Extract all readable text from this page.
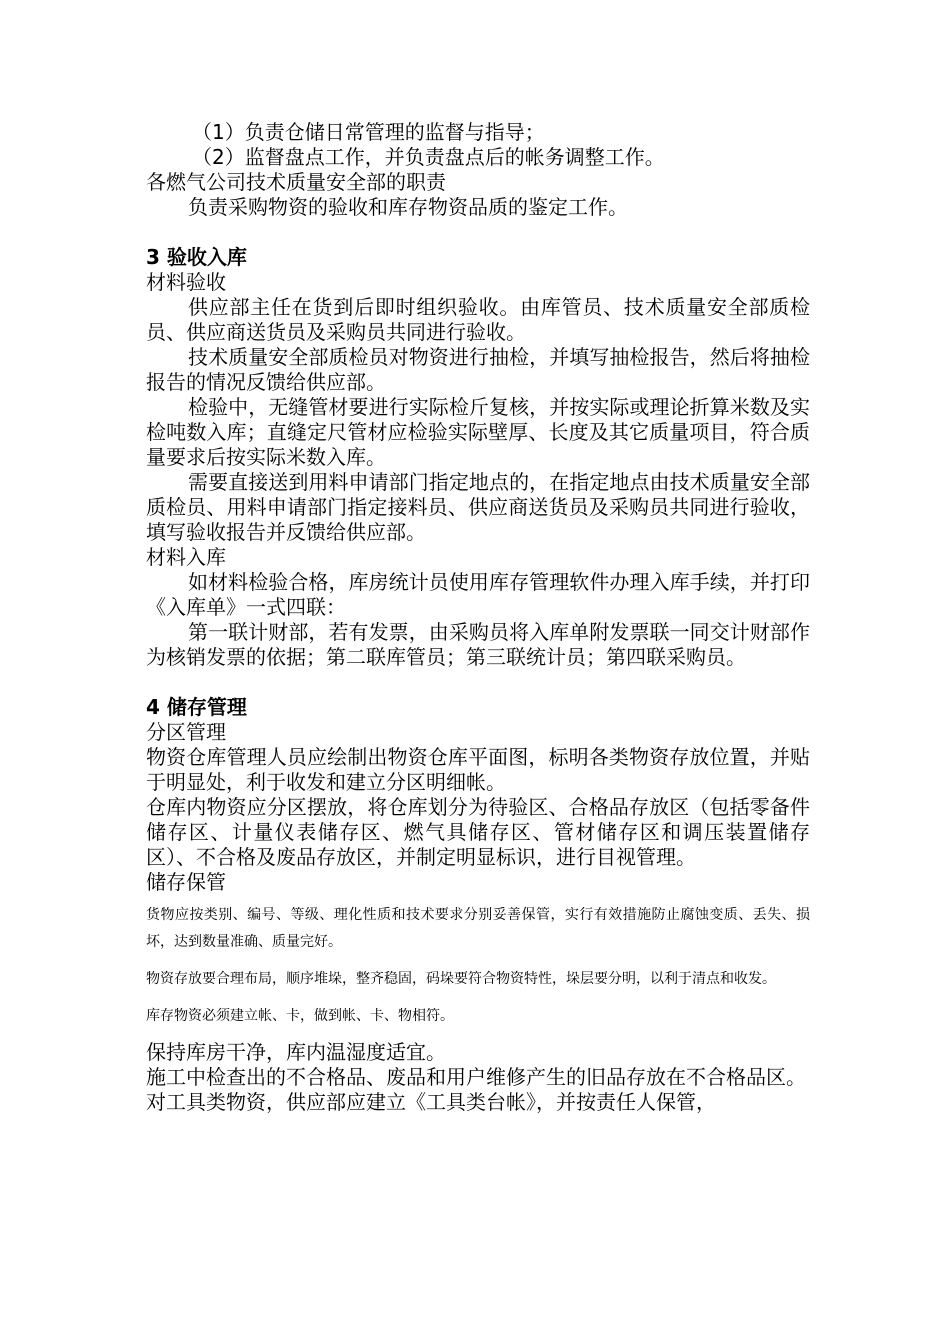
（1）负责仓储日常管理的监督与指导；

（2）监督盘点工作，并负责盘点后的帐务调整工作。

各燃气公司技术质量安全部的职责

负责采购物资的验收和库存物资品质的鉴定工作。

3 验收入库

材料验收

供应部主任在货到后即时组织验收。由库管员、技术质量安全部质检员、供应商送货员及采购员共同进行验收。

技术质量安全部质检员对物资进行抽检，并填写抽检报告，然后将抽检报告的情况反馈给供应部。

检验中，无缝管材要进行实际检斤复核，并按实际或理论折算米数及实检吨数入库；直缝定尺管材应检验实际壁厚、长度及其它质量项目，符合质量要求后按实际米数入库。

需要直接送到用料申请部门指定地点的，在指定地点由技术质量安全部质检员、用料申请部门指定接料员、供应商送货员及采购员共同进行验收，填写验收报告并反馈给供应部。

材料入库

如材料检验合格，库房统计员使用库存管理软件办理入库手续，并打印《入库单》一式四联：

第一联计财部，若有发票，由采购员将入库单附发票联一同交计财部作为核销发票的依据；第二联库管员；第三联统计员；第四联采购员。

4 储存管理

分区管理

物资仓库管理人员应绘制出物资仓库平面图，标明各类物资存放位置，并贴于明显处，利于收发和建立分区明细帐。

仓库内物资应分区摆放，将仓库划分为待验区、合格品存放区（包括零备件储存区、计量仪表储存区、燃气具储存区、管材储存区和调压装置储存区）、不合格及废品存放区，并制定明显标识，进行目视管理。

储存保管

货物应按类别、编号、等级、理化性质和技术要求分别妥善保管，实行有效措施防止腐蚀变质、丢失、损坏，达到数量准确、质量完好。

物资存放要合理布局，顺序堆垛，整齐稳固，码垛要符合物资特性，垛层要分明，以利于清点和收发。

库存物资必须建立帐、卡，做到帐、卡、物相符。

保持库房干净，库内温湿度适宜。

施工中检查出的不合格品、废品和用户维修产生的旧品存放在不合格品区。

对工具类物资，供应部应建立《工具类台帐》，并按责任人保管，
